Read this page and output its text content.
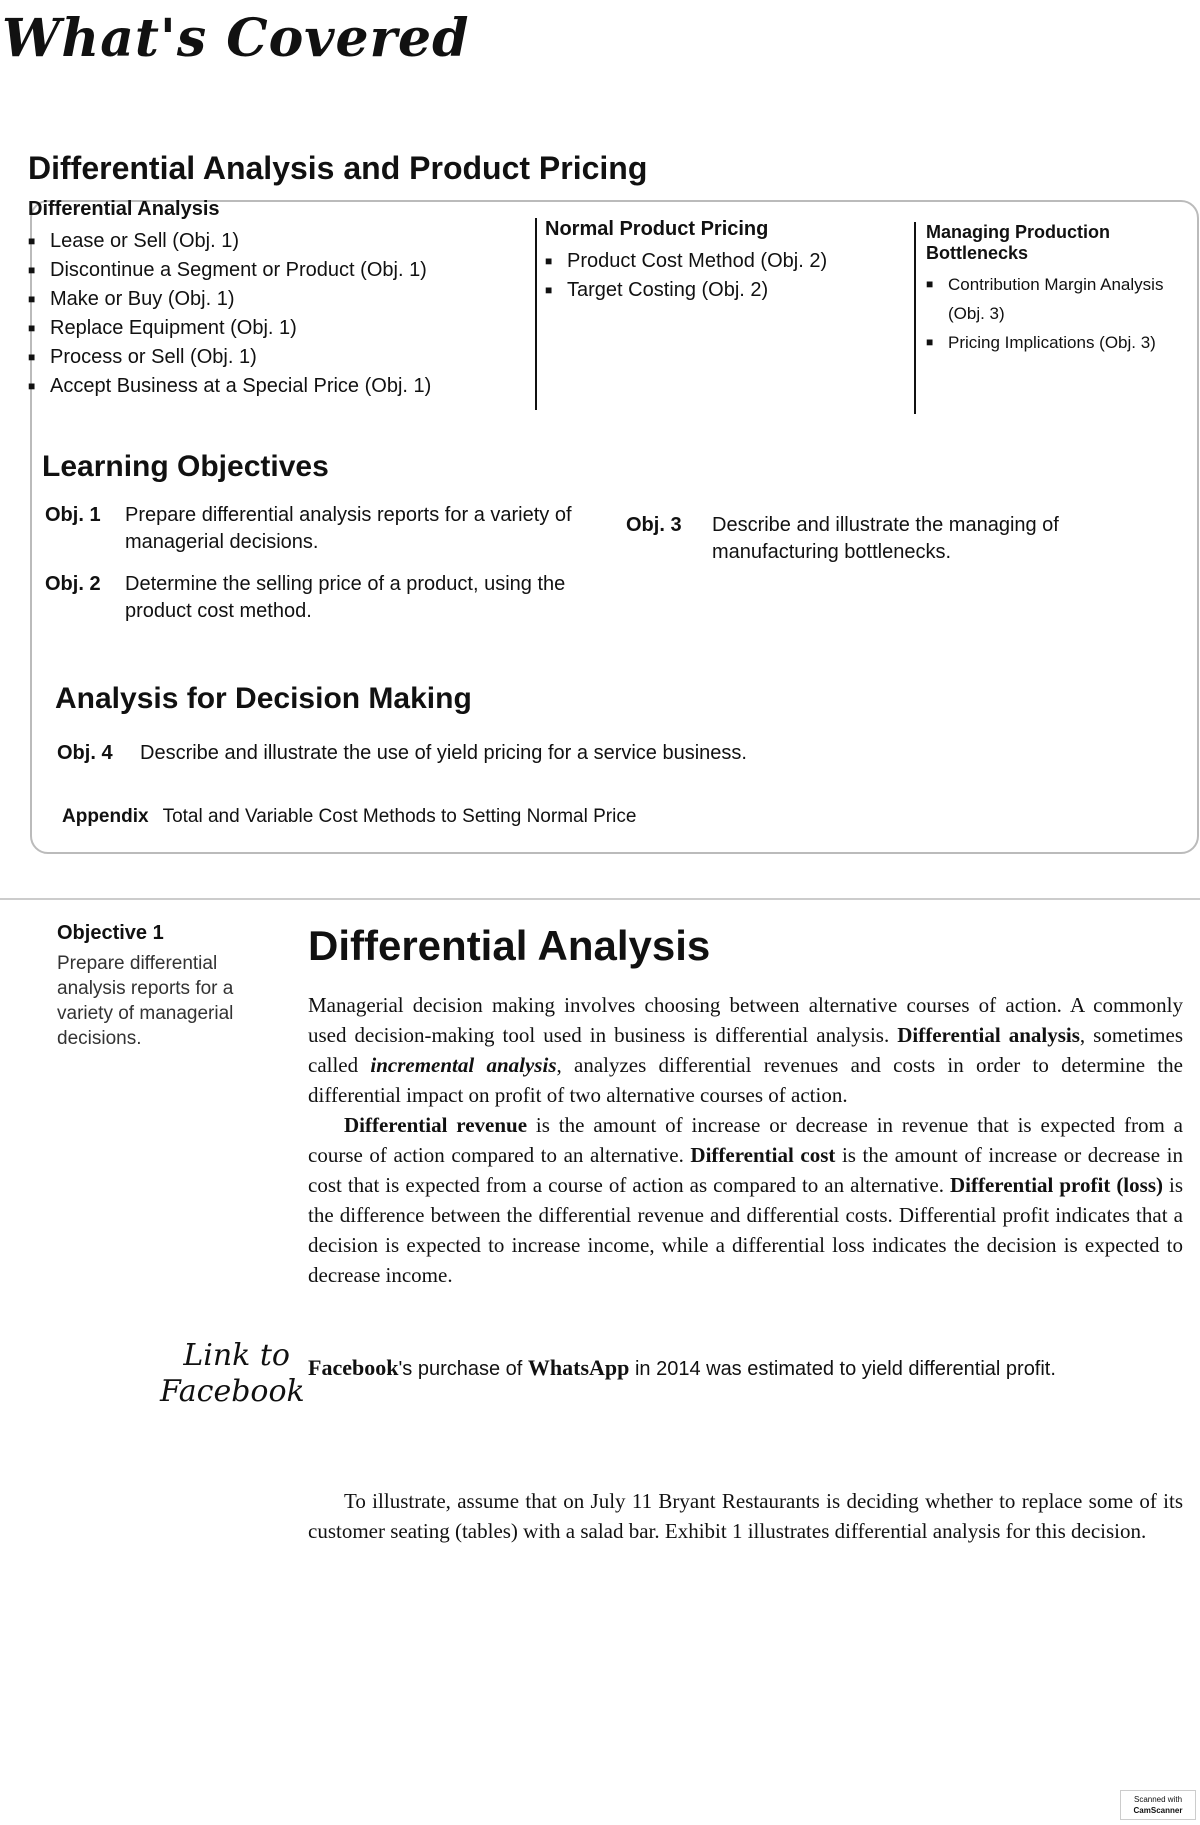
What's Covered
Differential Analysis and Product Pricing
Differential Analysis
■ Lease or Sell (Obj. 1)
■ Discontinue a Segment or Product (Obj. 1)
■ Make or Buy (Obj. 1)
■ Replace Equipment (Obj. 1)
■ Process or Sell (Obj. 1)
■ Accept Business at a Special Price (Obj. 1)
Normal Product Pricing
■ Product Cost Method (Obj. 2)
■ Target Costing (Obj. 2)
Managing Production Bottlenecks
■ Contribution Margin Analysis (Obj. 3)
■ Pricing Implications (Obj. 3)
Learning Objectives
Obj. 1	Prepare differential analysis reports for a variety of managerial decisions.
Obj. 2	Determine the selling price of a product, using the product cost method.
Obj. 3	Describe and illustrate the managing of manufacturing bottlenecks.
Analysis for Decision Making
Obj. 4	Describe and illustrate the use of yield pricing for a service business.
Appendix Total and Variable Cost Methods to Setting Normal Price
Objective 1
Prepare differential analysis reports for a variety of managerial decisions.
Differential Analysis

Managerial decision making involves choosing between alternative courses of action. A commonly used decision-making tool used in business is differential analysis. Differential analysis, sometimes called incremental analysis, analyzes differential revenues and costs in order to determine the differential impact on profit of two alternative courses of action.

Differential revenue is the amount of increase or decrease in revenue that is expected from a course of action compared to an alternative. Differential cost is the amount of increase or decrease in cost that is expected from a course of action as compared to an alternative. Differential profit (loss) is the difference between the differential revenue and differential costs. Differential profit indicates that a decision is expected to increase income, while a differential loss indicates the decision is expected to decrease income.

Link to
Facebook
Facebook's purchase of WhatsApp in 2014 was estimated to yield differential profit.

To illustrate, assume that on July 11 Bryant Restaurants is deciding whether to replace some of its customer seating (tables) with a salad bar. Exhibit 1 illustrates differential analysis for this decision.

Scanned with
CamScanner
